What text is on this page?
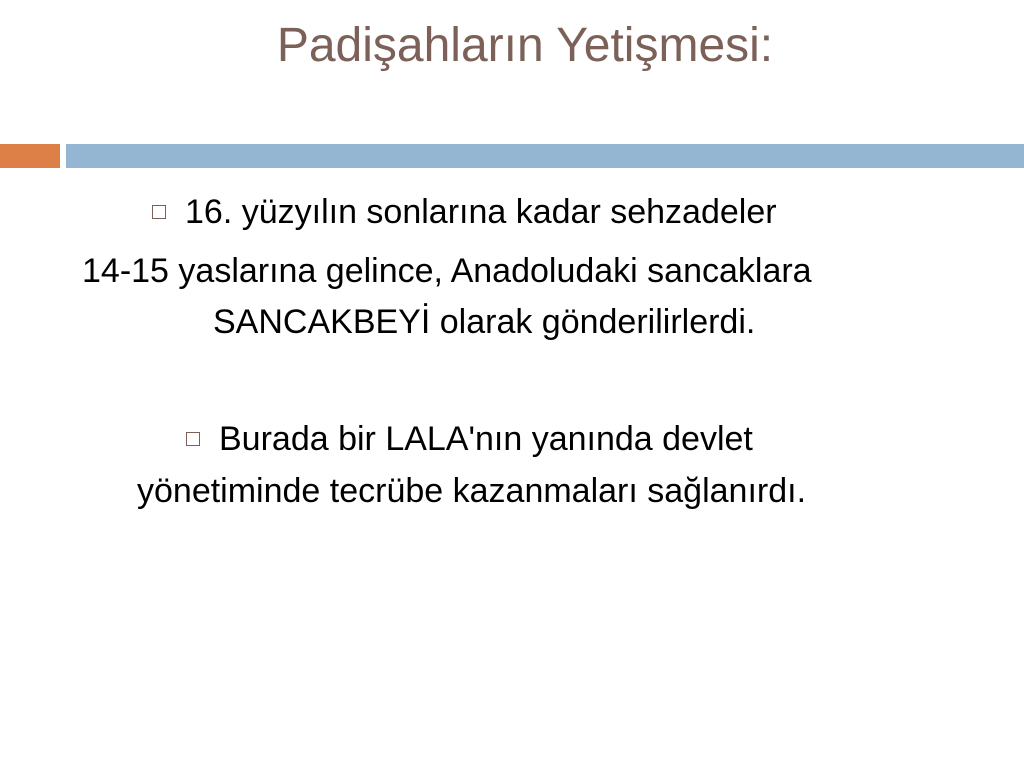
Padişahların Yetişmesi:
16. yüzyılın sonlarına kadar sehzadeler
14-15 yaslarına gelince, Anadoludaki sancaklara
SANCAKBEYİ olarak gönderilirlerdi.
Burada bir LALA'nın yanında devlet
yönetiminde tecrübe kazanmaları sağlanırdı.
